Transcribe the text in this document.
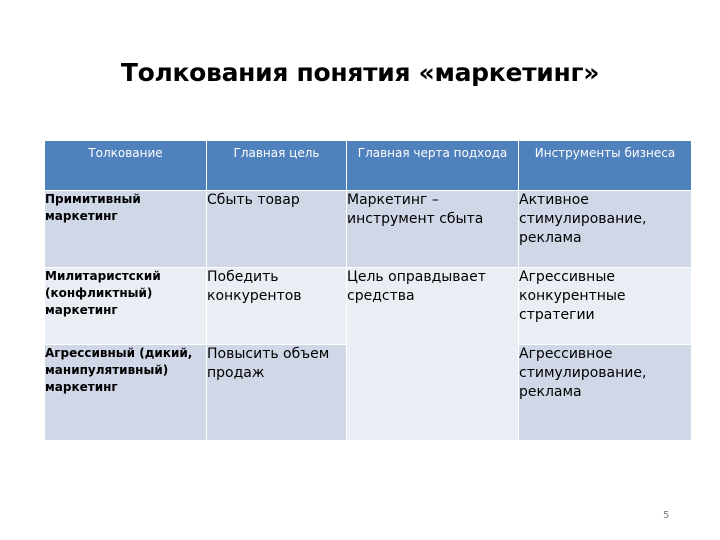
Толкования понятия «маркетинг»
Толкование	Главная цель	Главная черта подхода	Инструменты бизнеса
Примитивный маркетинг	Сбыть товар	Маркетинг – инструмент сбыта	Активное стимулирование, реклама
Милитаристский (конфликтный) маркетинг	Победить конкурентов	Цель оправдывает средства	Агрессивные конкурентные стратегии
Агрессивный (дикий, манипулятивный) маркетинг	Повысить объем продаж		Агрессивное стимулирование, реклама
5
